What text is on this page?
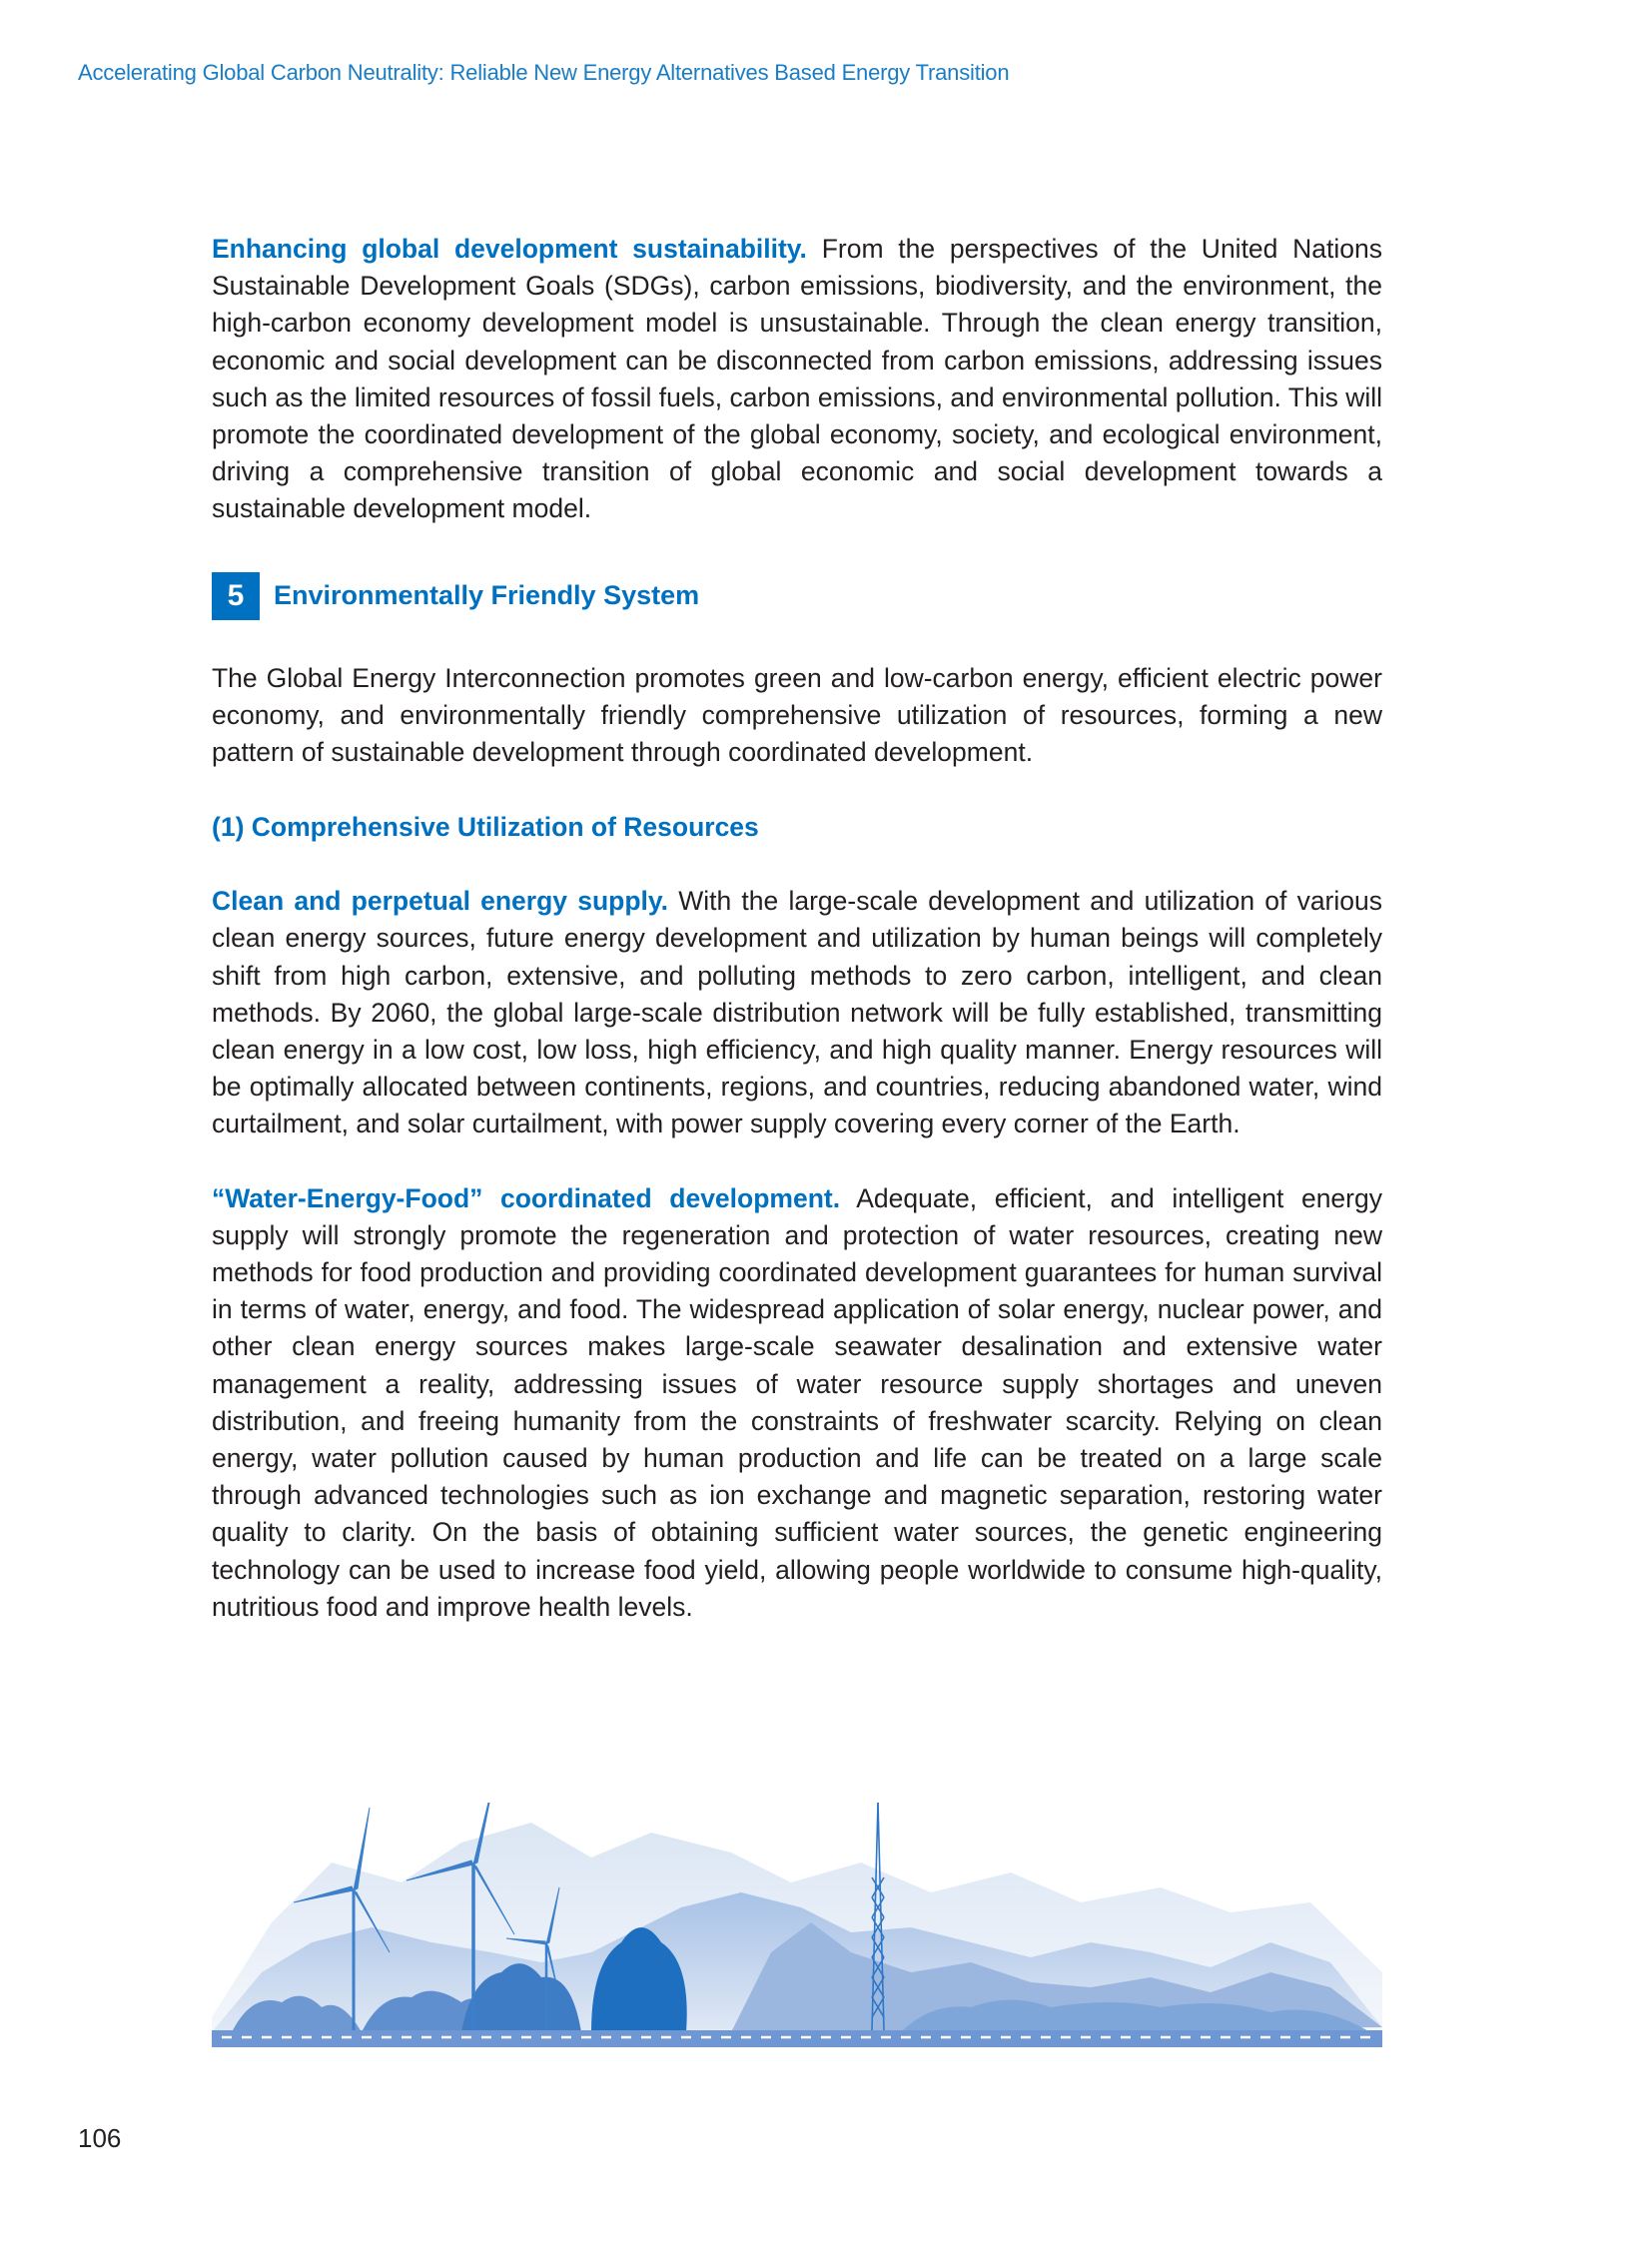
Accelerating Global Carbon Neutrality: Reliable New Energy Alternatives Based Energy Transition

Enhancing global development sustainability. From the perspectives of the United Nations Sustainable Development Goals (SDGs), carbon emissions, biodiversity, and the environment, the high-carbon economy development model is unsustainable. Through the clean energy transition, economic and social development can be disconnected from carbon emissions, addressing issues such as the limited resources of fossil fuels, carbon emissions, and environmental pollution. This will promote the coordinated development of the global economy, society, and ecological environment, driving a comprehensive transition of global economic and social development towards a sustainable development model.

5	Environmentally Friendly System

The Global Energy Interconnection promotes green and low-carbon energy, efficient electric power economy, and environmentally friendly comprehensive utilization of resources, forming a new pattern of sustainable development through coordinated development.

(1) Comprehensive Utilization of Resources

Clean and perpetual energy supply. With the large-scale development and utilization of various clean energy sources, future energy development and utilization by human beings will completely shift from high carbon, extensive, and polluting methods to zero carbon, intelligent, and clean methods. By 2060, the global large-scale distribution network will be fully established, transmitting clean energy in a low cost, low loss, high efficiency, and high quality manner. Energy resources will be optimally allocated between continents, regions, and countries, reducing abandoned water, wind curtailment, and solar curtailment, with power supply covering every corner of the Earth.

“Water-Energy-Food” coordinated development. Adequate, efficient, and intelligent energy supply will strongly promote the regeneration and protection of water resources, creating new methods for food production and providing coordinated development guarantees for human survival in terms of water, energy, and food. The widespread application of solar energy, nuclear power, and other clean energy sources makes large-scale seawater desalination and extensive water management a reality, addressing issues of water resource supply shortages and uneven distribution, and freeing humanity from the constraints of freshwater scarcity. Relying on clean energy, water pollution caused by human production and life can be treated on a large scale through advanced technologies such as ion exchange and magnetic separation, restoring water quality to clarity. On the basis of obtaining sufficient water sources, the genetic engineering technology can be used to increase food yield, allowing people worldwide to consume high-quality, nutritious food and improve health levels.

106
